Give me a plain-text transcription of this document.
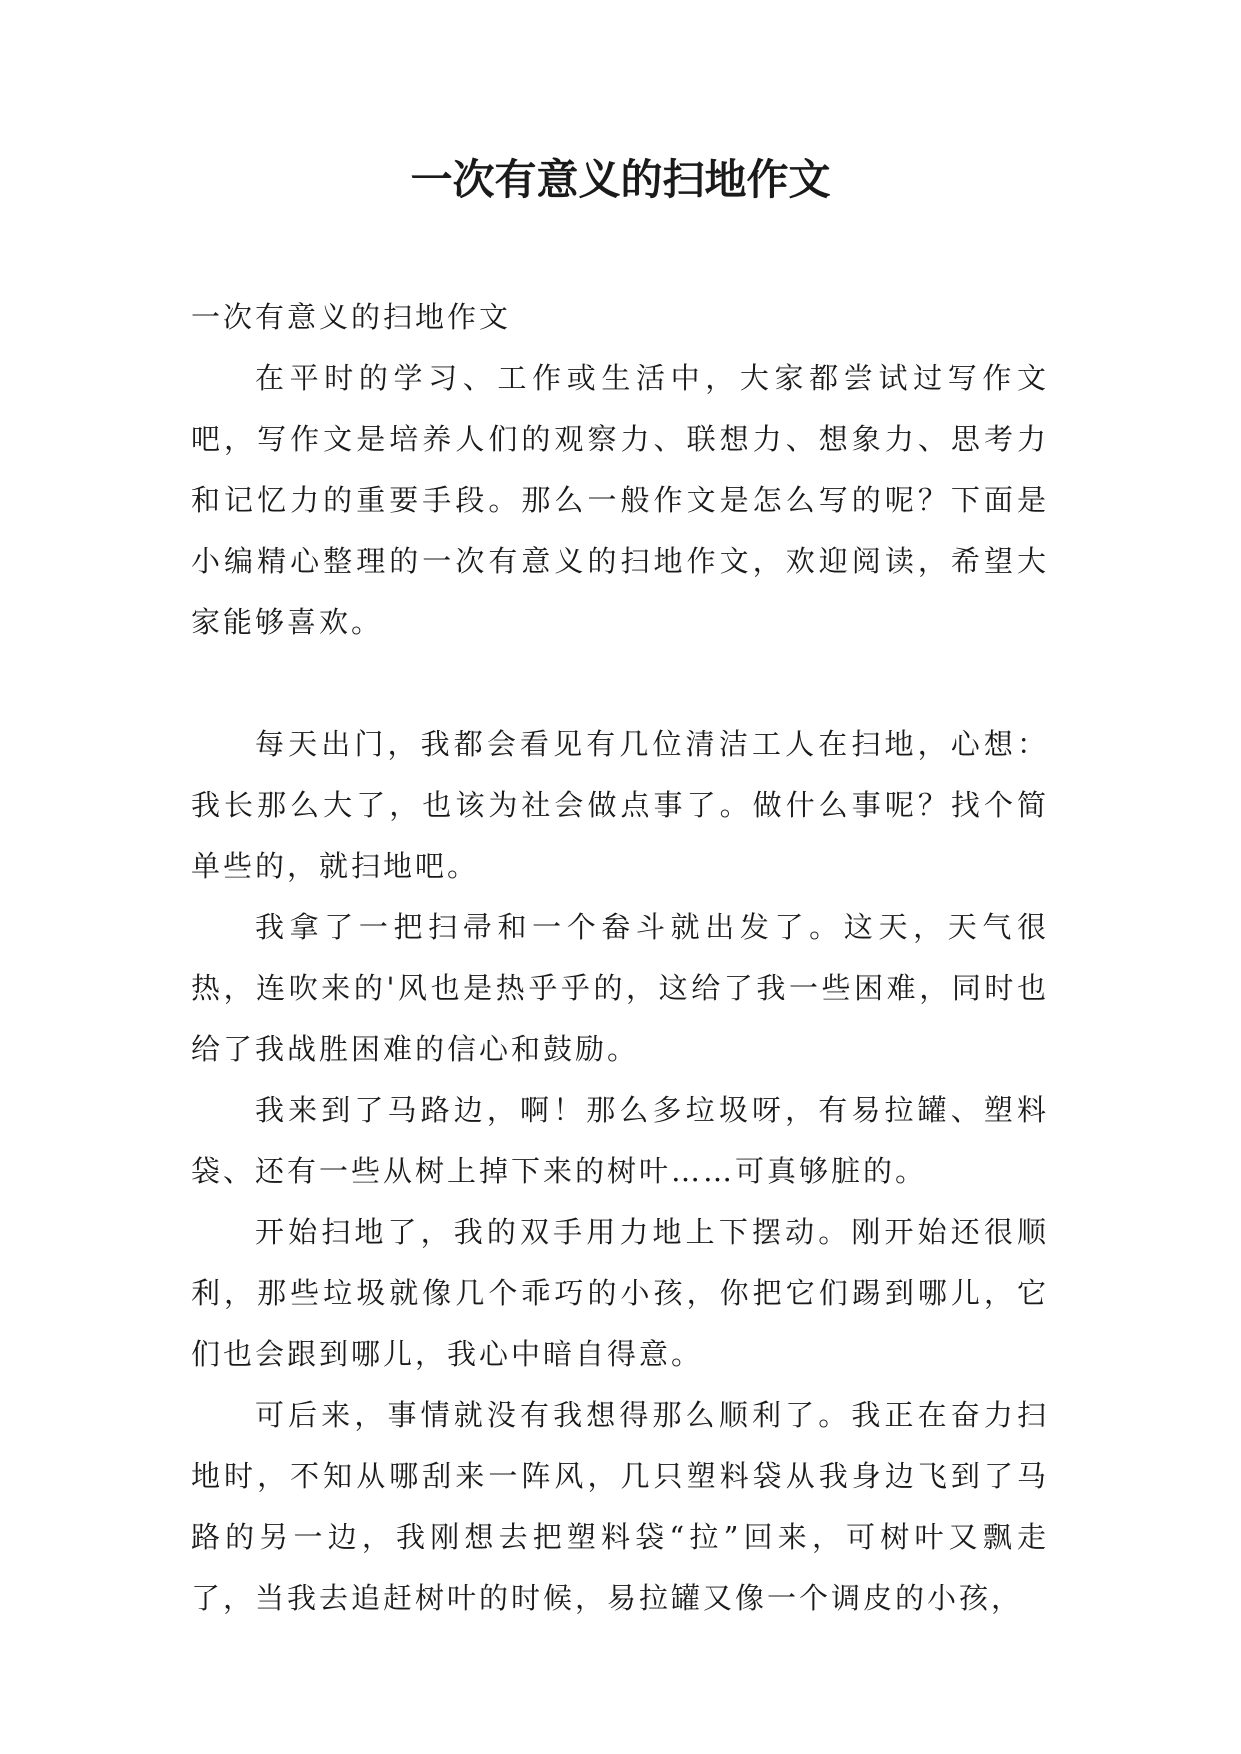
一次有意义的扫地作文

一次有意义的扫地作文

在平时的学习、工作或生活中，大家都尝试过写作文吧，写作文是培养人们的观察力、联想力、想象力、思考力和记忆力的重要手段。那么一般作文是怎么写的呢？下面是小编精心整理的一次有意义的扫地作文，欢迎阅读，希望大家能够喜欢。

每天出门，我都会看见有几位清洁工人在扫地，心想：我长那么大了，也该为社会做点事了。做什么事呢？找个简单些的，就扫地吧。

我拿了一把扫帚和一个畚斗就出发了。这天，天气很热，连吹来的'风也是热乎乎的，这给了我一些困难，同时也给了我战胜困难的信心和鼓励。

我来到了马路边，啊！那么多垃圾呀，有易拉罐、塑料袋、还有一些从树上掉下来的树叶……可真够脏的。

开始扫地了，我的双手用力地上下摆动。刚开始还很顺利，那些垃圾就像几个乖巧的小孩，你把它们踢到哪儿，它们也会跟到哪儿，我心中暗自得意。

可后来，事情就没有我想得那么顺利了。我正在奋力扫地时，不知从哪刮来一阵风，几只塑料袋从我身边飞到了马路的另一边，我刚想去把塑料袋“拉”回来，可树叶又飘走了，当我去追赶树叶的时候，易拉罐又像一个调皮的小孩，
